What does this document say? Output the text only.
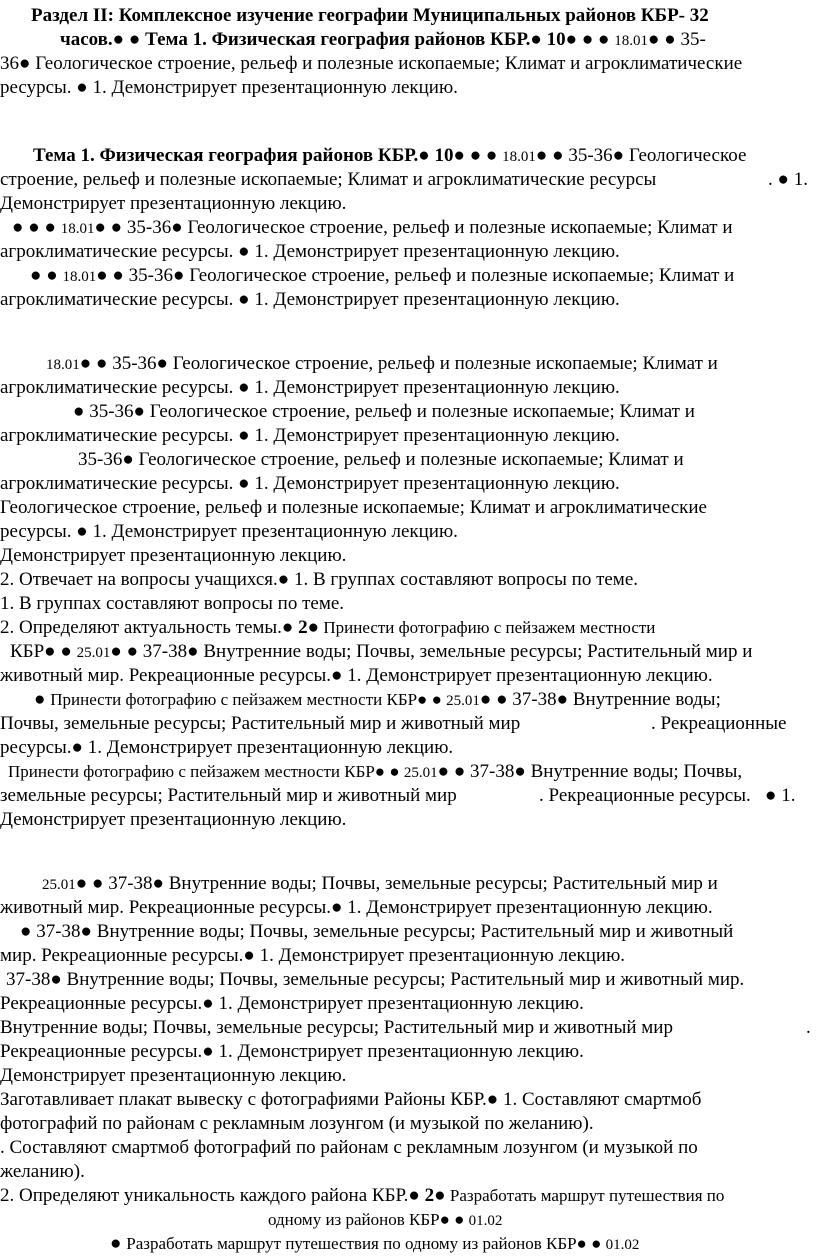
Раздел II: Комплексное изучение географии Муниципальных районов КБР- 32
часов.● ● Тема 1. Физическая география районов КБР.● 10● ● ● 18.01● ● 35-
36● Геологическое строение, рельеф и полезные ископаемые; Климат и агроклиматические
ресурсы. ● 1. Демонстрирует презентационную лекцию.
Тема 1. Физическая география районов КБР.● 10● ● ● 18.01● ● 35-36● Геологическое
строение, рельеф и полезные ископаемые; Климат и агроклиматические ресурсы	. ● 1.
Демонстрирует презентационную лекцию.
● ● ● 18.01● ● 35-36● Геологическое строение, рельеф и полезные ископаемые; Климат и
агроклиматические ресурсы. ● 1. Демонстрирует презентационную лекцию.
● ● 18.01● ● 35-36● Геологическое строение, рельеф и полезные ископаемые; Климат и
агроклиматические ресурсы. ● 1. Демонстрирует презентационную лекцию.
18.01● ● 35-36● Геологическое строение, рельеф и полезные ископаемые; Климат и
агроклиматические ресурсы. ● 1. Демонстрирует презентационную лекцию.
● 35-36● Геологическое строение, рельеф и полезные ископаемые; Климат и
агроклиматические ресурсы. ● 1. Демонстрирует презентационную лекцию.
35-36● Геологическое строение, рельеф и полезные ископаемые; Климат и
агроклиматические ресурсы. ● 1. Демонстрирует презентационную лекцию.
Геологическое строение, рельеф и полезные ископаемые; Климат и агроклиматические
ресурсы. ● 1. Демонстрирует презентационную лекцию.
Демонстрирует презентационную лекцию.
2. Отвечает на вопросы учащихся.● 1. В группах составляют вопросы по теме.
1. В группах составляют вопросы по теме.
2. Определяют актуальность темы.● 2● Принести фотографию с пейзажем местности
КБР● ● 25.01● ● 37-38● Внутренние воды; Почвы, земельные ресурсы; Растительный мир и
животный мир. Рекреационные ресурсы.● 1. Демонстрирует презентационную лекцию.
● Принести фотографию с пейзажем местности КБР● ● 25.01● ● 37-38● Внутренние воды;
Почвы, земельные ресурсы; Растительный мир и животный мир	. Рекреационные
ресурсы.● 1. Демонстрирует презентационную лекцию.
Принести фотографию с пейзажем местности КБР● ● 25.01● ● 37-38● Внутренние воды; Почвы,
земельные ресурсы; Растительный мир и животный мир	. Рекреационные ресурсы.   ● 1.
Демонстрирует презентационную лекцию.
25.01● ● 37-38● Внутренние воды; Почвы, земельные ресурсы; Растительный мир и
животный мир. Рекреационные ресурсы.● 1. Демонстрирует презентационную лекцию.
● 37-38● Внутренние воды; Почвы, земельные ресурсы; Растительный мир и животный
мир. Рекреационные ресурсы.● 1. Демонстрирует презентационную лекцию.
37-38● Внутренние воды; Почвы, земельные ресурсы; Растительный мир и животный мир.
Рекреационные ресурсы.● 1. Демонстрирует презентационную лекцию.
Внутренние воды; Почвы, земельные ресурсы; Растительный мир и животный мир	.
Рекреационные ресурсы.● 1. Демонстрирует презентационную лекцию.
Демонстрирует презентационную лекцию.
Заготавливает плакат вывеску с фотографиями Районы КБР.● 1. Составляют смартмоб
фотографий по районам с рекламным лозунгом (и музыкой по желанию).
. Составляют смартмоб фотографий по районам с рекламным лозунгом (и музыкой по
желанию).
2. Определяют уникальность каждого района КБР.● 2● Разработать маршрут путешествия по
одному из районов КБР● ● 01.02
● Разработать маршрут путешествия по одному из районов КБР● ● 01.02
